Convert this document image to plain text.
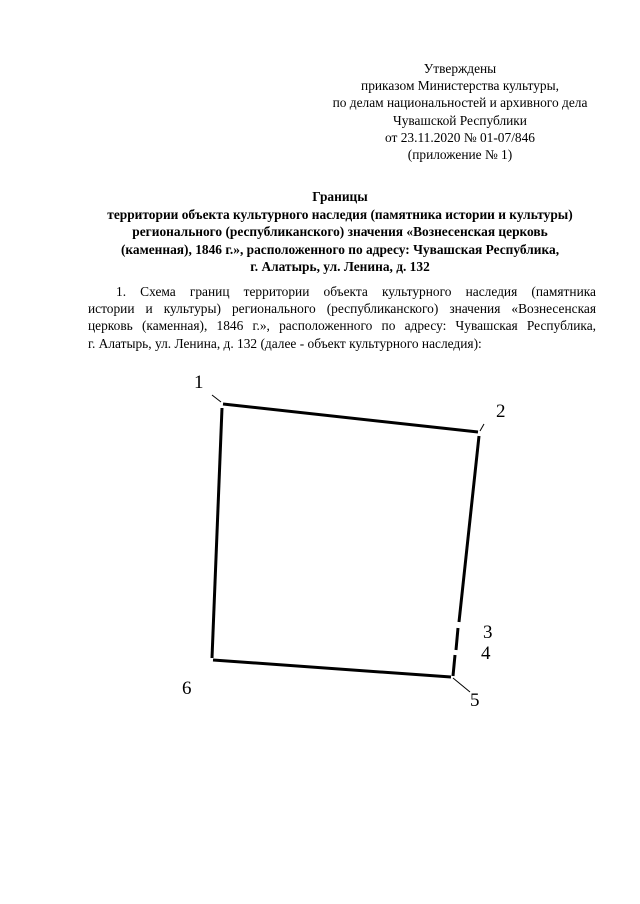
Утверждены
приказом Министерства культуры,
по делам национальностей и архивного дела
Чувашской Республики
от 23.11.2020 № 01-07/846
(приложение № 1)
Границы
территории объекта культурного наследия (памятника истории и культуры)
регионального (республиканского) значения «Вознесенская церковь
(каменная), 1846 г.», расположенного по адресу: Чувашская Республика,
г. Алатырь, ул. Ленина, д. 132
1. Схема границ территории объекта культурного наследия (памятника
истории и культуры) регионального (республиканского) значения «Вознесенская
церковь (каменная), 1846 г.», расположенного по адресу: Чувашская Республика,
г. Алатырь, ул. Ленина, д. 132 (далее - объект культурного наследия):
1
2
3
4
5
6
